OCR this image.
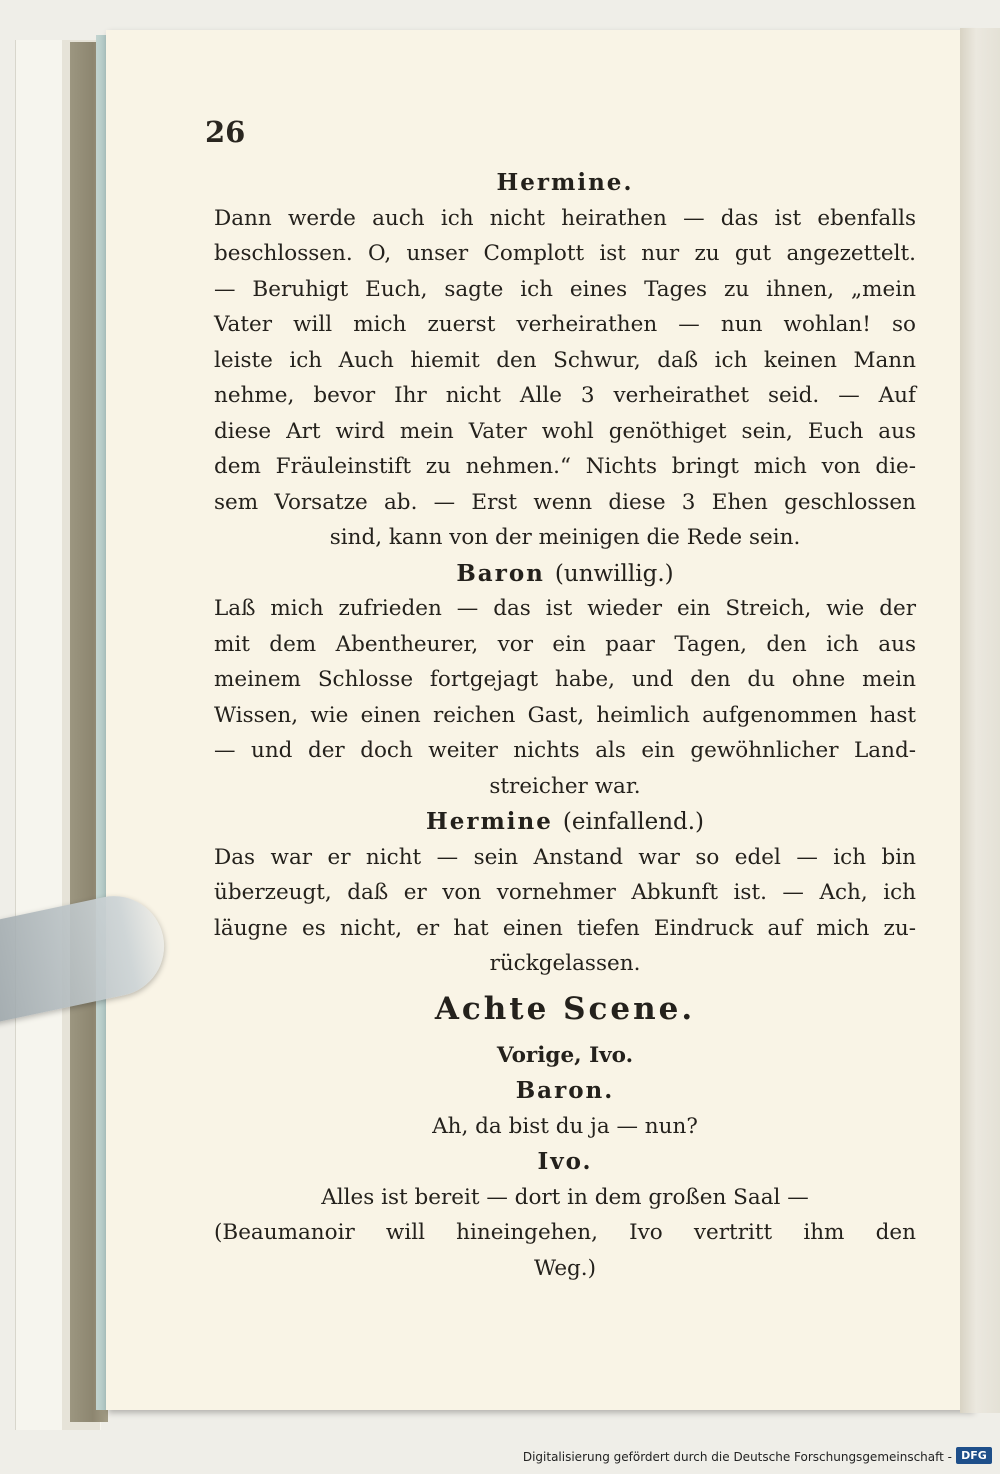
26
Hermine.
Dann werde auch ich nicht heirathen — das ist ebenfalls
beschlossen. O, unser Complott ist nur zu gut angezettelt.
— Beruhigt Euch, sagte ich eines Tages zu ihnen, „mein
Vater will mich zuerst verheirathen — nun wohlan! so
leiste ich Auch hiemit den Schwur, daß ich keinen Mann
nehme, bevor Ihr nicht Alle 3 verheirathet seid. — Auf
diese Art wird mein Vater wohl genöthiget sein, Euch aus
dem Fräuleinstift zu nehmen.“ Nichts bringt mich von die-
sem Vorsatze ab. — Erst wenn diese 3 Ehen geschlossen
sind, kann von der meinigen die Rede sein.
Baron (unwillig.)
Laß mich zufrieden — das ist wieder ein Streich, wie der
mit dem Abentheurer, vor ein paar Tagen, den ich aus
meinem Schlosse fortgejagt habe, und den du ohne mein
Wissen, wie einen reichen Gast, heimlich aufgenommen hast
— und der doch weiter nichts als ein gewöhnlicher Land-
streicher war.
Hermine (einfallend.)
Das war er nicht — sein Anstand war so edel — ich bin
überzeugt, daß er von vornehmer Abkunft ist. — Ach, ich
läugne es nicht, er hat einen tiefen Eindruck auf mich zu-
rückgelassen.
Achte Scene.
Vorige, Ivo.
Baron.
Ah, da bist du ja — nun?
Ivo.
Alles ist bereit — dort in dem großen Saal —
(Beaumanoir will hineingehen, Ivo vertritt ihm den
Weg.)
Digitalisierung gefördert durch die Deutsche Forschungsgemeinschaft - DFG
